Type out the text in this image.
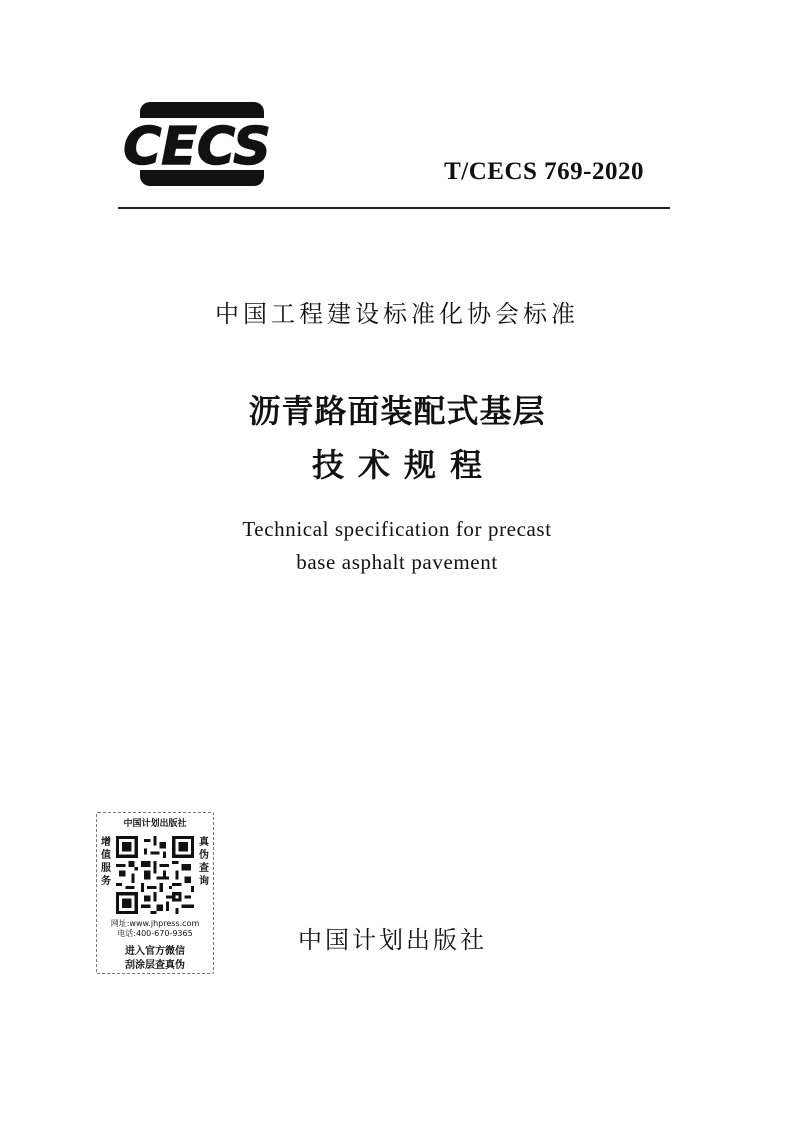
CECS	T/CECS 769-2020
中国工程建设标准化协会标准
沥青路面装配式基层
技术规程
Technical specification for precast
base asphalt pavement
中国计划出版社
增值服务
真伪查询
网址:www.jhpress.com
电话:400-670-9365
进入官方微信
刮涂层查真伪
中国计划出版社
